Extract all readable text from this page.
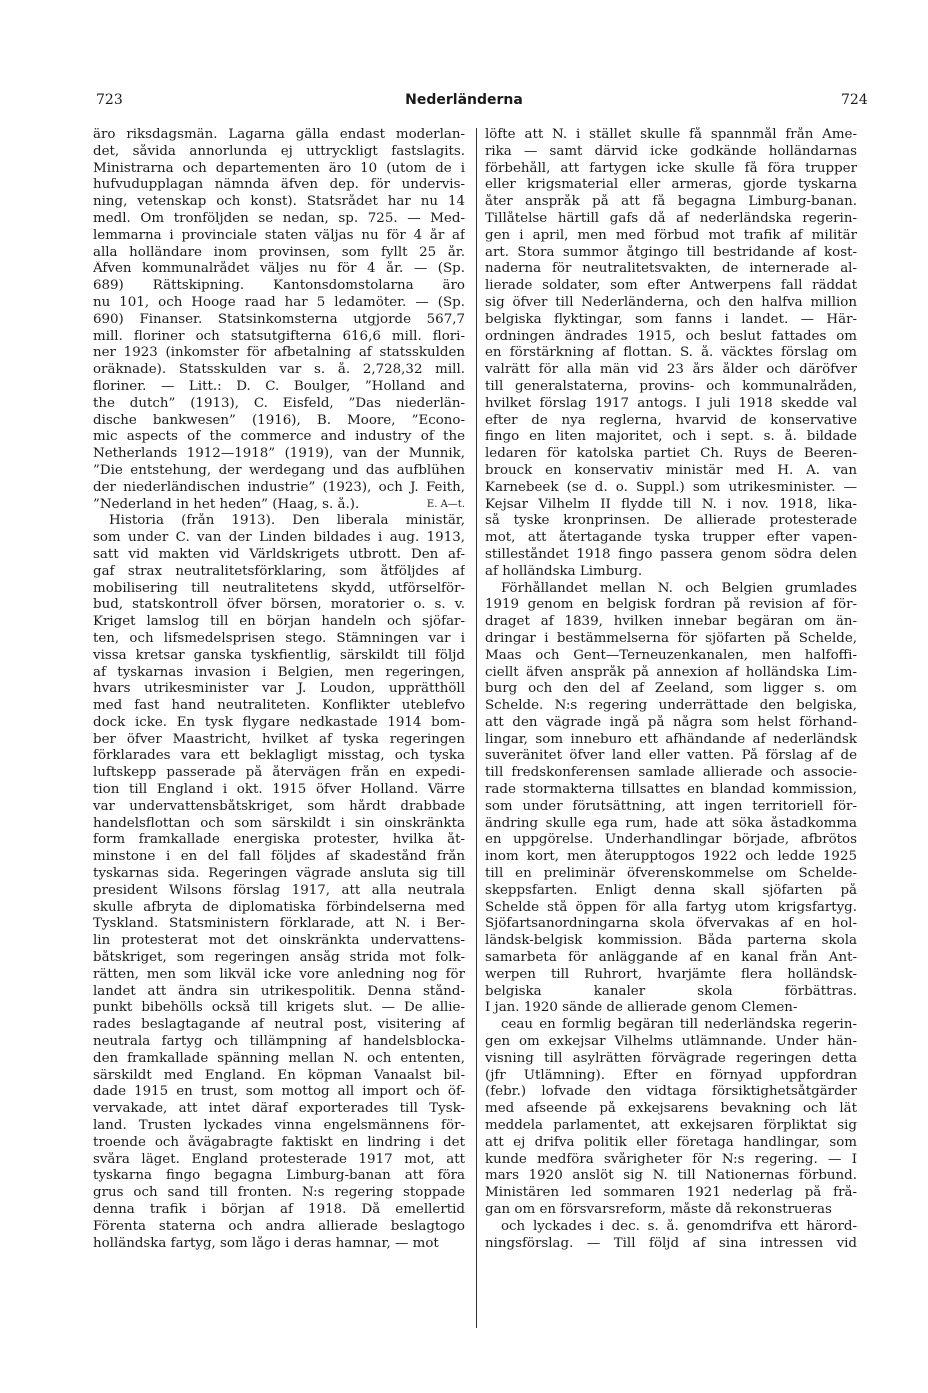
723	Nederländerna	724
äro riksdagsmän. Lagarna gälla endast moderlan-
det, såvida annorlunda ej uttryckligt fastslagits.
Ministrarna och departementen äro 10 (utom de i
hufvudupplagan nämnda äfven dep. för undervis-
ning, vetenskap och konst). Statsrådet har nu 14
medl. Om tronföljden se nedan, sp. 725. — Med-
lemmarna i provinciale staten väljas nu för 4 år af
alla holländare inom provinsen, som fyllt 25 år.
Äfven kommunalrådet väljes nu för 4 år. — (Sp.
689) Rättskipning. Kantonsdomstolarna äro
nu 101, och Hooge raad har 5 ledamöter. — (Sp.
690) Finanser. Statsinkomsterna utgjorde 567,7
mill. floriner och statsutgifterna 616,6 mill. flori-
ner 1923 (inkomster för afbetalning af statsskulden
oräknade). Statsskulden var s. å. 2,728,32 mill.
floriner. — Litt.: D. C. Boulger, ”Holland and
the dutch” (1913), C. Eisfeld, ”Das niederlän-
dische bankwesen” (1916), B. Moore, ”Econo-
mic aspects of the commerce and industry of the
Netherlands 1912—1918” (1919), van der Munnik,
”Die entstehung, der werdegang und das aufblühen
der niederländischen industrie” (1923), och J. Feith,
”Nederland in het heden” (Haag, s. å.).	E. A—t.
Historia (från 1913). Den liberala ministär,
som under C. van der Linden bildades i aug. 1913,
satt vid makten vid Världskrigets utbrott. Den af-
gaf strax neutralitetsförklaring, som åtföljdes af
mobilisering till neutralitetens skydd, utförselför-
bud, statskontroll öfver börsen, moratorier o. s. v.
Kriget lamslog till en början handeln och sjöfar-
ten, och lifsmedelsprisen stego. Stämningen var i
vissa kretsar ganska tyskfientlig, särskildt till följd
af tyskarnas invasion i Belgien, men regeringen,
hvars utrikesminister var J. Loudon, upprätthöll
med fast hand neutraliteten. Konflikter uteblefvo
dock icke. En tysk flygare nedkastade 1914 bom-
ber öfver Maastricht, hvilket af tyska regeringen
förklarades vara ett beklagligt misstag, och tyska
luftskepp passerade på återvägen från en expedi-
tion till England i okt. 1915 öfver Holland. Värre
var undervattensbåtskriget, som hårdt drabbade
handelsflottan och som särskildt i sin oinskränkta
form framkallade energiska protester, hvilka åt-
minstone i en del fall följdes af skadestånd från
tyskarnas sida. Regeringen vägrade ansluta sig till
president Wilsons förslag 1917, att alla neutrala
skulle afbryta de diplomatiska förbindelserna med
Tyskland. Statsministern förklarade, att N. i Ber-
lin protesterat mot det oinskränkta undervattens-
båtskriget, som regeringen ansåg strida mot folk-
rätten, men som likväl icke vore anledning nog för
landet att ändra sin utrikespolitik. Denna stånd-
punkt bibehölls också till krigets slut. — De allie-
rades beslagtagande af neutral post, visitering af
neutrala fartyg och tillämpning af handelsblocka-
den framkallade spänning mellan N. och ententen,
särskildt med England. En köpman Vanaalst bil-
dade 1915 en trust, som mottog all import och öf-
vervakade, att intet däraf exporterades till Tysk-
land. Trusten lyckades vinna engelsmännens för-
troende och åvägabragte faktiskt en lindring i det
svåra läget. England protesterade 1917 mot, att
tyskarna fingo begagna Limburg-banan att föra
grus och sand till fronten. N:s regering stoppade
denna trafik i början af 1918. Då emellertid
Förenta staterna och andra allierade beslagtogo
holländska fartyg, som lågo i deras hamnar, — mot
löfte att N. i stället skulle få spannmål från Ame-
rika — samt därvid icke godkände holländarnas
förbehåll, att fartygen icke skulle få föra trupper
eller krigsmaterial eller armeras, gjorde tyskarna
åter anspråk på att få begagna Limburg-banan.
Tillåtelse härtill gafs då af nederländska regerin-
gen i april, men med förbud mot trafik af militär
art. Stora summor åtgingo till bestridande af kost-
naderna för neutralitetsvakten, de internerade al-
lierade soldater, som efter Antwerpens fall räddat
sig öfver till Nederländerna, och den halfva million
belgiska flyktingar, som fanns i landet. — Här-
ordningen ändrades 1915, och beslut fattades om
en förstärkning af flottan. S. å. väcktes förslag om
valrätt för alla män vid 23 års ålder och däröfver
till generalstaterna, provins- och kommunalråden,
hvilket förslag 1917 antogs. I juli 1918 skedde val
efter de nya reglerna, hvarvid de konservative
fingo en liten majoritet, och i sept. s. å. bildade
ledaren för katolska partiet Ch. Ruys de Beeren-
brouck en konservativ ministär med H. A. van
Karnebeek (se d. o. Suppl.) som utrikesminister. —
Kejsar Vilhelm II flydde till N. i nov. 1918, lika-
så tyske kronprinsen. De allierade protesterade
mot, att återtagande tyska trupper efter vapen-
stilleståndet 1918 fingo passera genom södra delen
af holländska Limburg.
Förhållandet mellan N. och Belgien grumlades
1919 genom en belgisk fordran på revision af för-
draget af 1839, hvilken innebar begäran om än-
dringar i bestämmelserna för sjöfarten på Schelde,
Maas och Gent—Terneuzenkanalen, men halfoffi-
ciellt äfven anspråk på annexion af holländska Lim-
burg och den del af Zeeland, som ligger s. om
Schelde. N:s regering underrättade den belgiska,
att den vägrade ingå på några som helst förhand-
lingar, som inneburo ett afhändande af nederländsk
suveränitet öfver land eller vatten. På förslag af de
till fredskonferensen samlade allierade och associe-
rade stormakterna tillsattes en blandad kommission,
som under förutsättning, att ingen territoriell för-
ändring skulle ega rum, hade att söka åstadkomma
en uppgörelse. Underhandlingar började, afbrötos
inom kort, men återupptogos 1922 och ledde 1925
till en preliminär öfverenskommelse om Schelde-
skeppsfarten. Enligt denna skall sjöfarten på
Schelde stå öppen för alla fartyg utom krigsfartyg.
Sjöfartsanordningarna skola öfvervakas af en hol-
ländsk-belgisk kommission. Båda parterna skola
samarbeta för anläggande af en kanal från Ant-
werpen till Ruhrort, hvarjämte flera holländsk-
belgiska kanaler skola förbättras.
I jan. 1920 sände de allierade genom Clemen-
ceau en formlig begäran till nederländska regerin-
gen om exkejsar Vilhelms utlämnande. Under hän-
visning till asylrätten förvägrade regeringen detta
(jfr Utlämning). Efter en förnyad uppfordran
(febr.) lofvade den vidtaga försiktighetsåtgärder
med afseende på exkejsarens bevakning och lät
meddela parlamentet, att exkejsaren förpliktat sig
att ej drifva politik eller företaga handlingar, som
kunde medföra svårigheter för N:s regering. — I
mars 1920 anslöt sig N. till Nationernas förbund.
Ministären led sommaren 1921 nederlag på frå-
gan om en försvarsreform, måste då rekonstrueras
och lyckades i dec. s. å. genomdrifva ett härord-
ningsförslag. — Till följd af sina intressen vid
